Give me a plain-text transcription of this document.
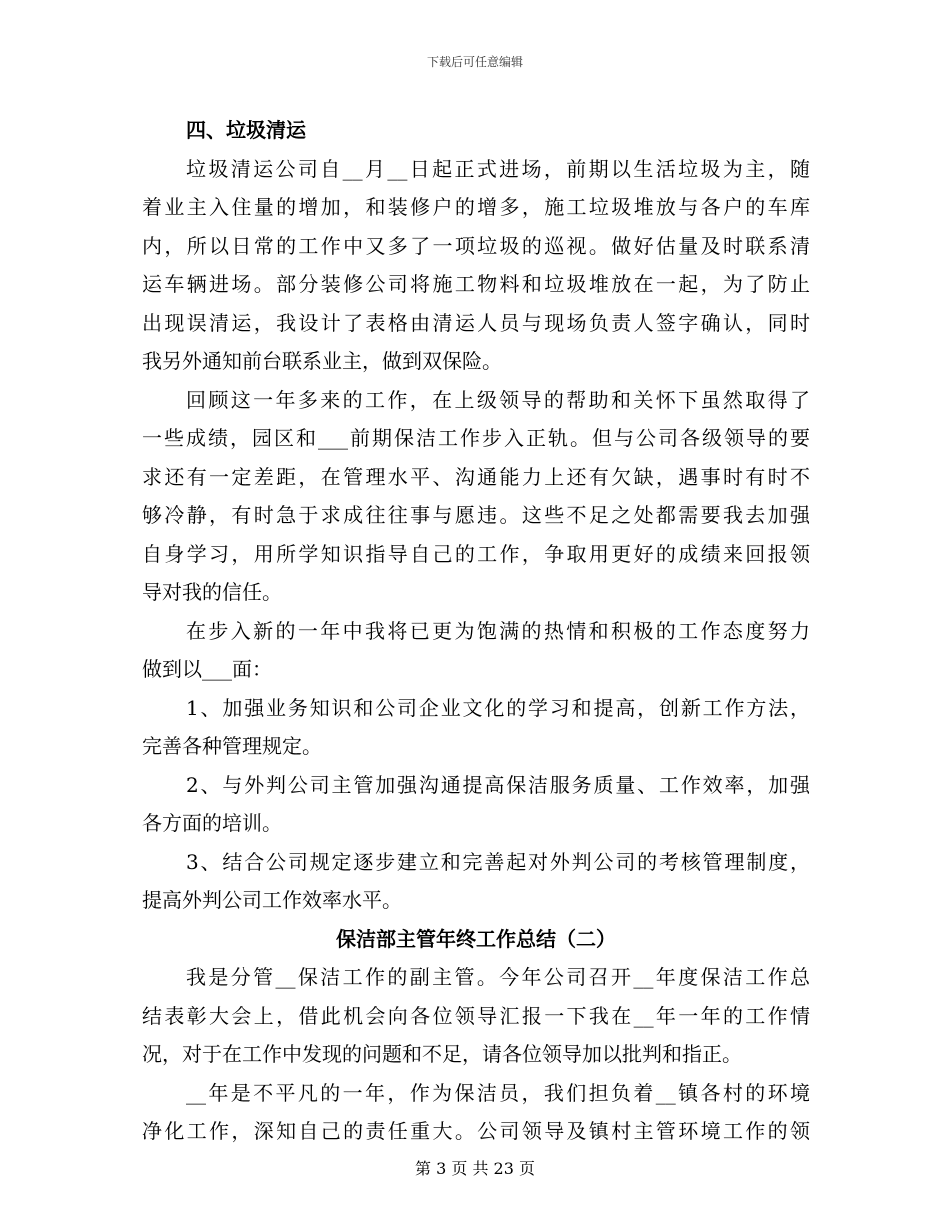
下载后可任意编辑
四、垃圾清运
垃圾清运公司自__月__日起正式进场，前期以生活垃圾为主，随
着业主入住量的增加，和装修户的增多，施工垃圾堆放与各户的车库
内，所以日常的工作中又多了一项垃圾的巡视。做好估量及时联系清
运车辆进场。部分装修公司将施工物料和垃圾堆放在一起，为了防止
出现误清运，我设计了表格由清运人员与现场负责人签字确认，同时
我另外通知前台联系业主，做到双保险。
回顾这一年多来的工作，在上级领导的帮助和关怀下虽然取得了
一些成绩，园区和___前期保洁工作步入正轨。但与公司各级领导的要
求还有一定差距，在管理水平、沟通能力上还有欠缺，遇事时有时不
够冷静，有时急于求成往往事与愿违。这些不足之处都需要我去加强
自身学习，用所学知识指导自己的工作，争取用更好的成绩来回报领
导对我的信任。
在步入新的一年中我将已更为饱满的热情和积极的工作态度努力
做到以___面：
1、加强业务知识和公司企业文化的学习和提高，创新工作方法，
完善各种管理规定。
2、与外判公司主管加强沟通提高保洁服务质量、工作效率，加强
各方面的培训。
3、结合公司规定逐步建立和完善起对外判公司的考核管理制度，
提高外判公司工作效率水平。
保洁部主管年终工作总结（二）
我是分管__保洁工作的副主管。今年公司召开__年度保洁工作总
结表彰大会上，借此机会向各位领导汇报一下我在__年一年的工作情
况，对于在工作中发现的问题和不足，请各位领导加以批判和指正。
__年是不平凡的一年，作为保洁员，我们担负着__镇各村的环境
净化工作，深知自己的责任重大。公司领导及镇村主管环境工作的领
第 3 页 共 23 页
